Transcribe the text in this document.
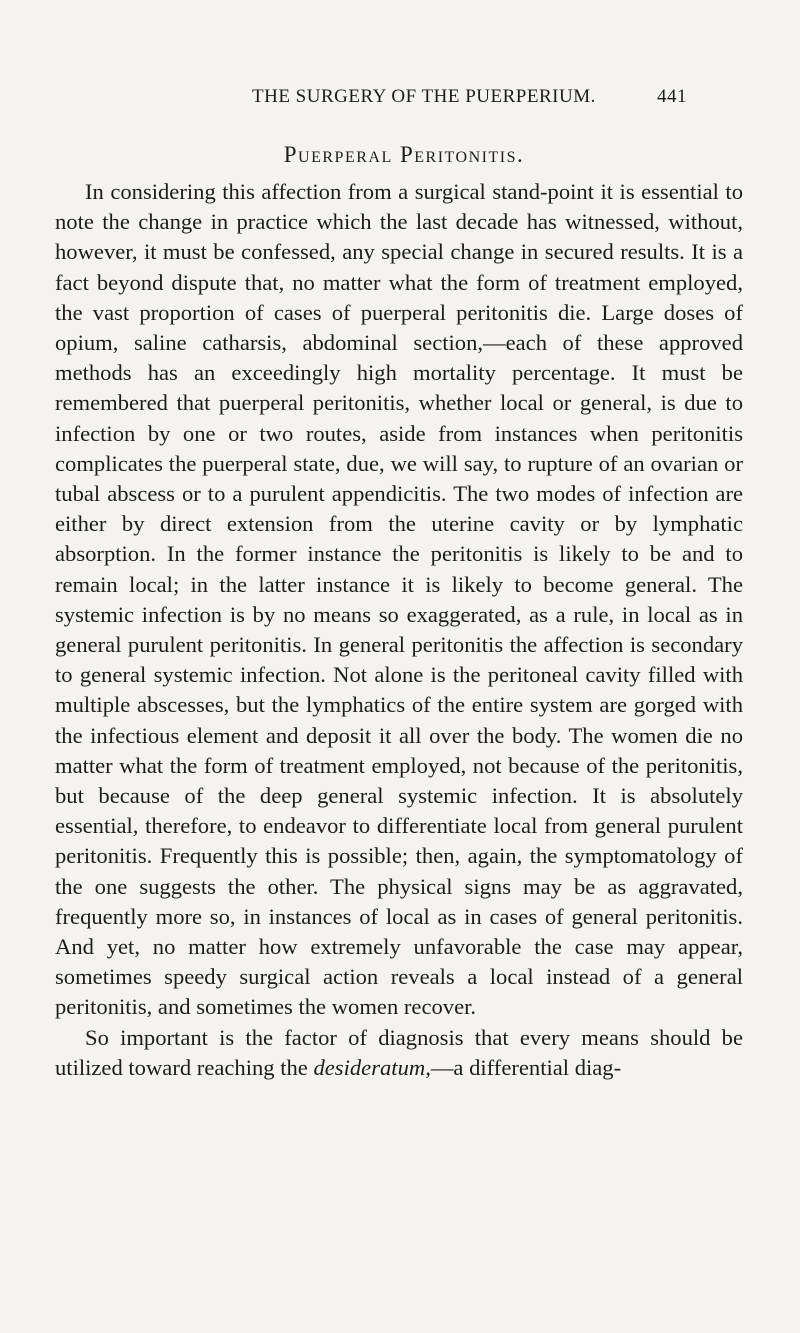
THE SURGERY OF THE PUERPERIUM.	441
Puerperal Peritonitis.

In considering this affection from a surgical stand-point it is essential to note the change in practice which the last decade has witnessed, without, however, it must be confessed, any special change in secured results. It is a fact beyond dispute that, no matter what the form of treatment employed, the vast proportion of cases of puerperal peritonitis die. Large doses of opium, saline catharsis, abdominal section,—each of these approved methods has an exceedingly high mortality percentage. It must be remembered that puerperal peritonitis, whether local or general, is due to infection by one or two routes, aside from instances when peritonitis complicates the puerperal state, due, we will say, to rupture of an ovarian or tubal abscess or to a purulent appendicitis. The two modes of infection are either by direct extension from the uterine cavity or by lymphatic absorption. In the former instance the peritonitis is likely to be and to remain local; in the latter instance it is likely to become general. The systemic infection is by no means so exaggerated, as a rule, in local as in general purulent peritonitis. In general peritonitis the affection is secondary to general systemic infection. Not alone is the peritoneal cavity filled with multiple abscesses, but the lymphatics of the entire system are gorged with the infectious element and deposit it all over the body. The women die no matter what the form of treatment employed, not because of the peritonitis, but because of the deep general systemic infection. It is absolutely essential, therefore, to endeavor to differentiate local from general purulent peritonitis. Frequently this is possible; then, again, the symptomatology of the one suggests the other. The physical signs may be as aggravated, frequently more so, in instances of local as in cases of general peritonitis. And yet, no matter how extremely unfavorable the case may appear, sometimes speedy surgical action reveals a local instead of a general peritonitis, and sometimes the women recover.

So important is the factor of diagnosis that every means should be utilized toward reaching the desideratum,—a differential diag-
